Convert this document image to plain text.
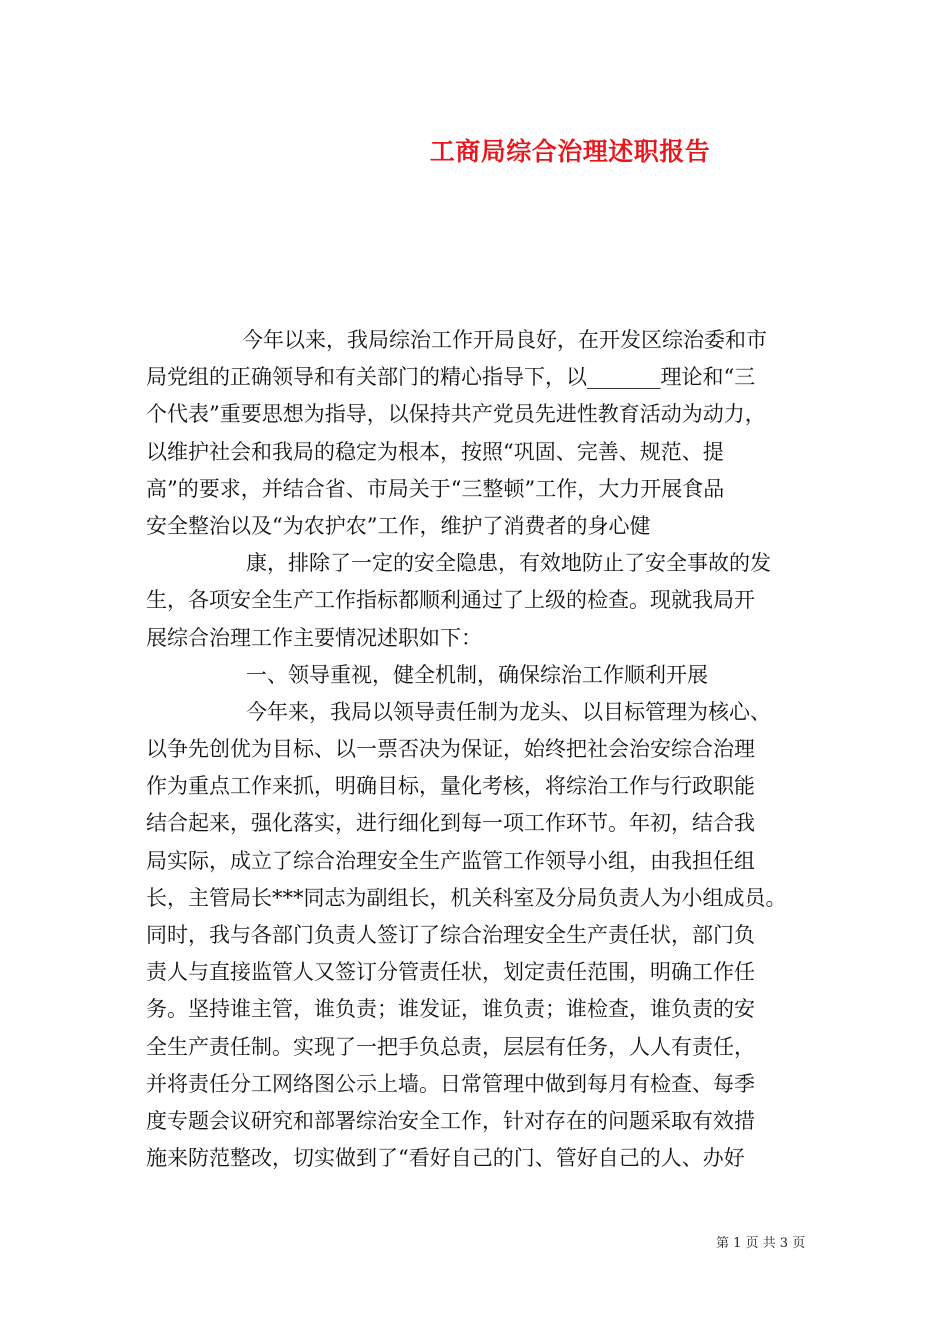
工商局综合治理述职报告
今年以来，我局综治工作开局良好，在开发区综治委和市
局党组的正确领导和有关部门的精心指导下，以_______理论和“三
个代表”重要思想为指导，以保持共产党员先进性教育活动为动力，
以维护社会和我局的稳定为根本，按照“巩固、完善、规范、提
高”的要求，并结合省、市局关于“三整顿”工作，大力开展食品
安全整治以及“为农护农”工作，维护了消费者的身心健
康，排除了一定的安全隐患，有效地防止了安全事故的发
生，各项安全生产工作指标都顺利通过了上级的检查。现就我局开
展综合治理工作主要情况述职如下：
一、领导重视，健全机制，确保综治工作顺利开展
今年来，我局以领导责任制为龙头、以目标管理为核心、
以争先创优为目标、以一票否决为保证，始终把社会治安综合治理
作为重点工作来抓，明确目标，量化考核，将综治工作与行政职能
结合起来，强化落实，进行细化到每一项工作环节。年初，结合我
局实际，成立了综合治理安全生产监管工作领导小组，由我担任组
长，主管局长***同志为副组长，机关科室及分局负责人为小组成员。
同时，我与各部门负责人签订了综合治理安全生产责任状，部门负
责人与直接监管人又签订分管责任状，划定责任范围，明确工作任
务。坚持谁主管，谁负责；谁发证，谁负责；谁检查，谁负责的安
全生产责任制。实现了一把手负总责，层层有任务，人人有责任，
并将责任分工网络图公示上墙。日常管理中做到每月有检查、每季
度专题会议研究和部署综治安全工作，针对存在的问题采取有效措
施来防范整改，切实做到了“看好自己的门、管好自己的人、办好
第 1 页 共 3 页
